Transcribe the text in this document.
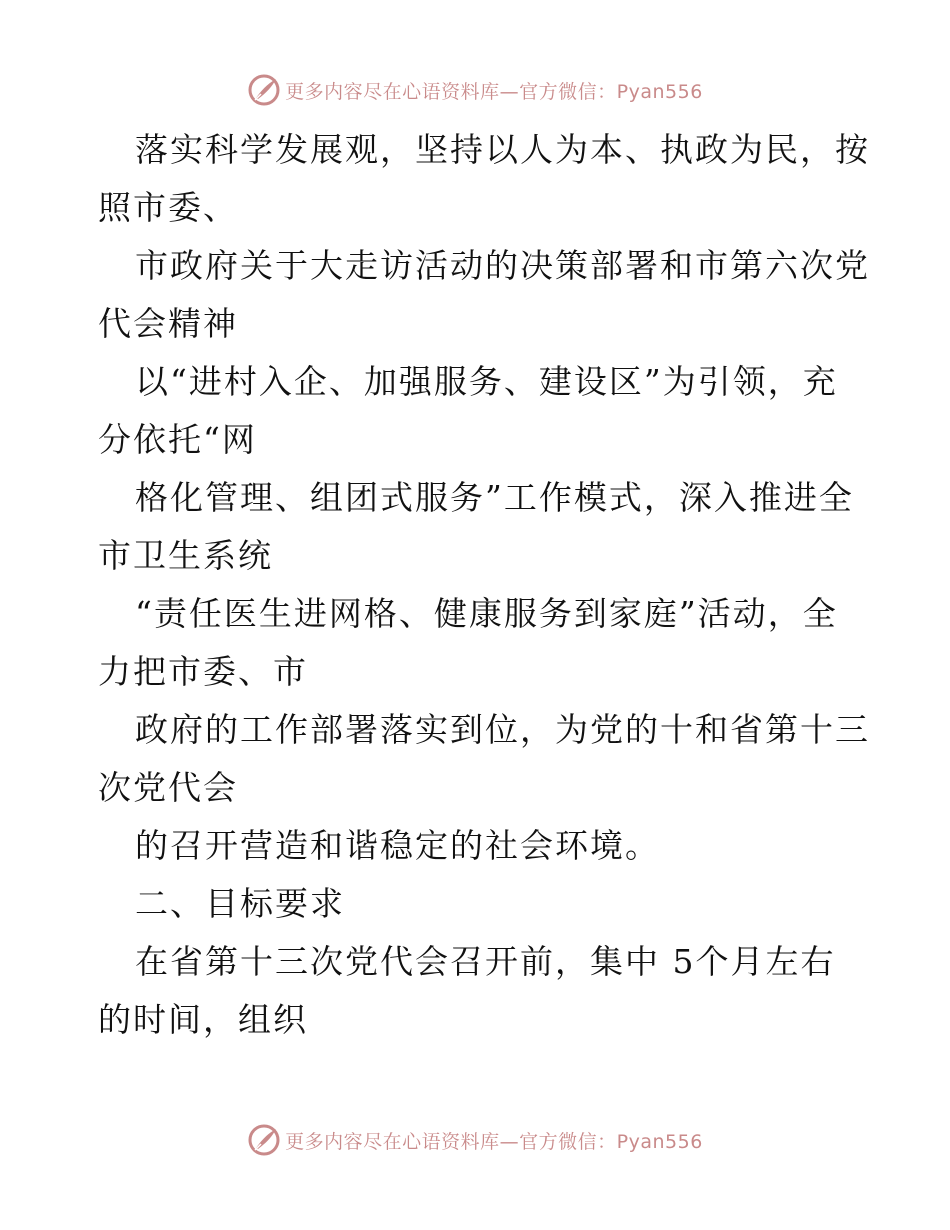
更多内容尽在心语资料库—官方微信：Pyan556
落实科学发展观，坚持以人为本、执政为民，按
照市委、
市政府关于大走访活动的决策部署和市第六次党
代会精神
以“进村入企、加强服务、建设区”为引领，充
分依托“网
格化管理、组团式服务”工作模式，深入推进全
市卫生系统
“责任医生进网格、健康服务到家庭”活动，全
力把市委、市
政府的工作部署落实到位，为党的十和省第十三
次党代会
的召开营造和谐稳定的社会环境。
二、目标要求
在省第十三次党代会召开前，集中 5个月左右
的时间，组织
更多内容尽在心语资料库—官方微信：Pyan556
